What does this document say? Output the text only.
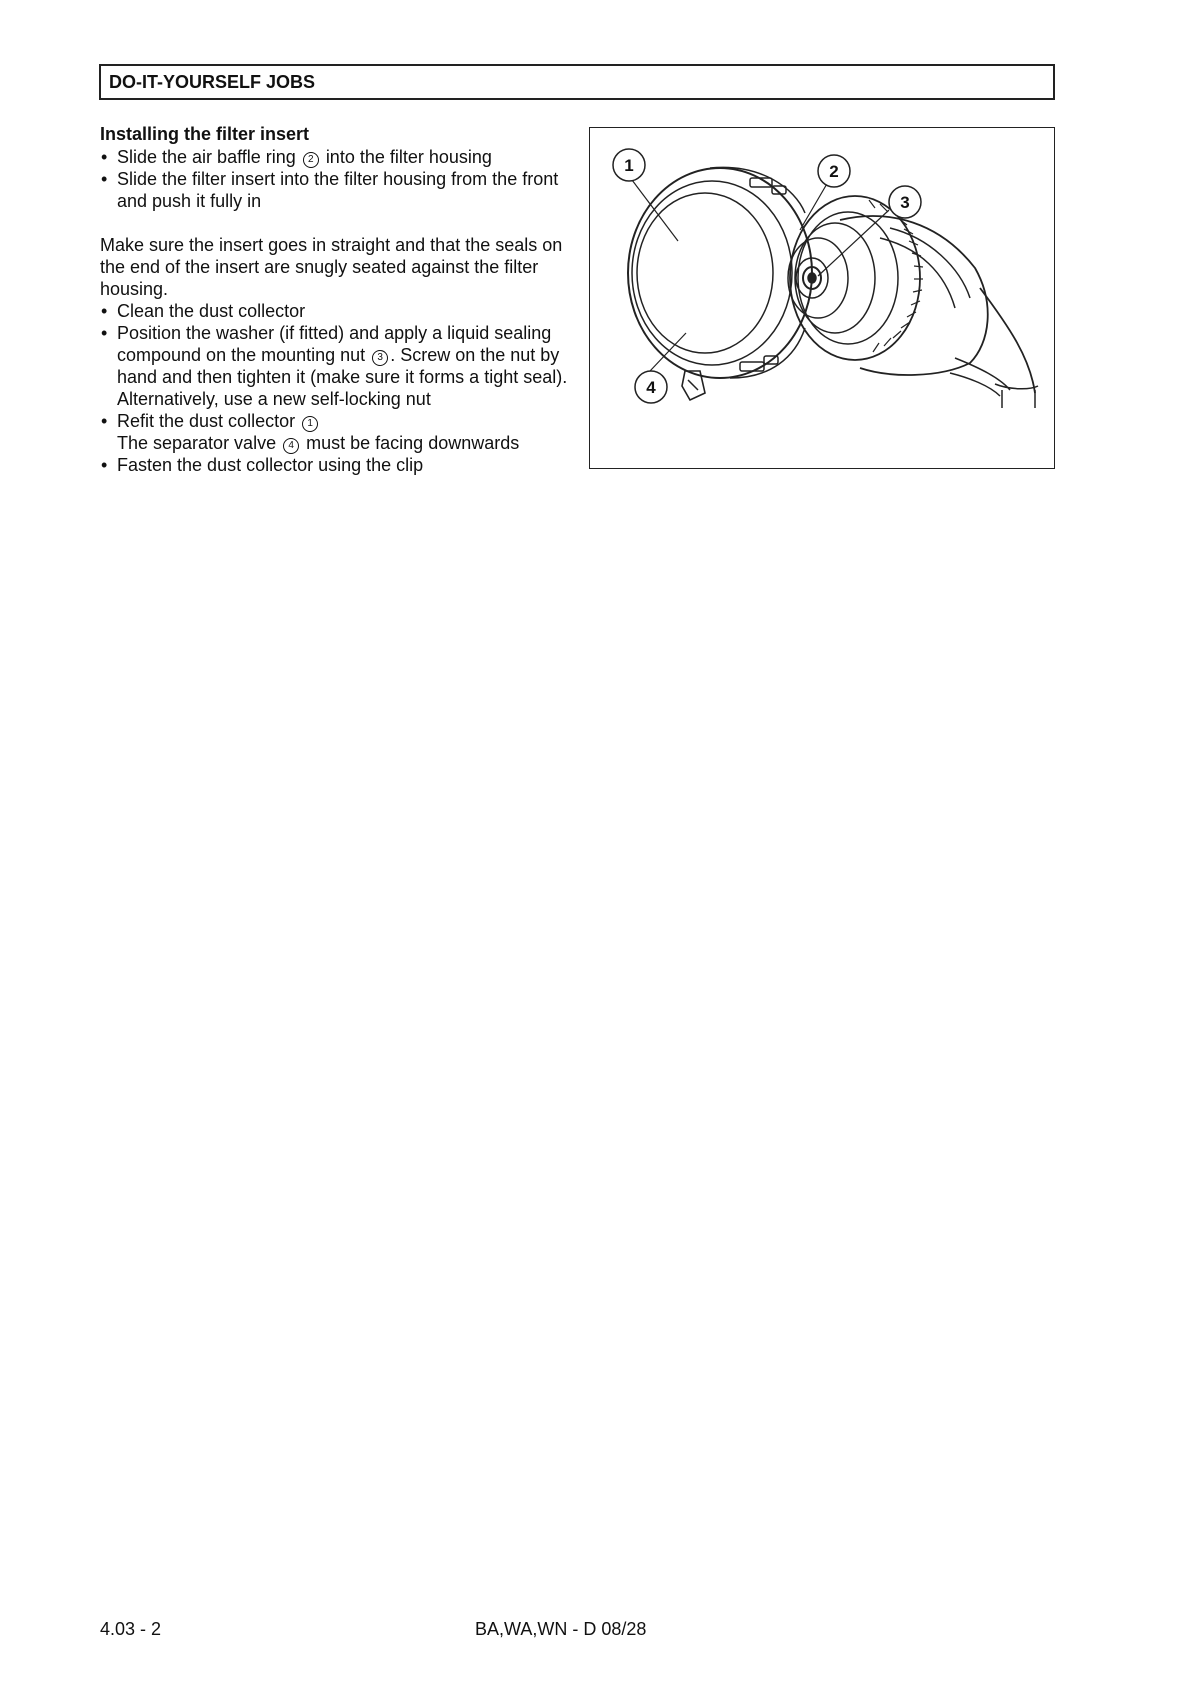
DO-IT-YOURSELF JOBS

Installing the filter insert

• Slide the air baffle ring 2 into the filter housing
• Slide the filter insert into the filter housing from the front and push it fully in

Make sure the insert goes in straight and that the seals on the end of the insert are snugly seated against the filter housing.

• Clean the dust collector
• Position the washer (if fitted) and apply a liquid sealing compound on the mounting nut 3 . Screw on the nut by hand and then tighten it (make sure it forms a tight seal). Alternatively, use a new self-locking nut
• Refit the dust collector 1
The separator valve 4 must be facing downwards
• Fasten the dust collector using the clip
1	2
3
4
4.03 - 2	BA,WA,WN - D 08/28
